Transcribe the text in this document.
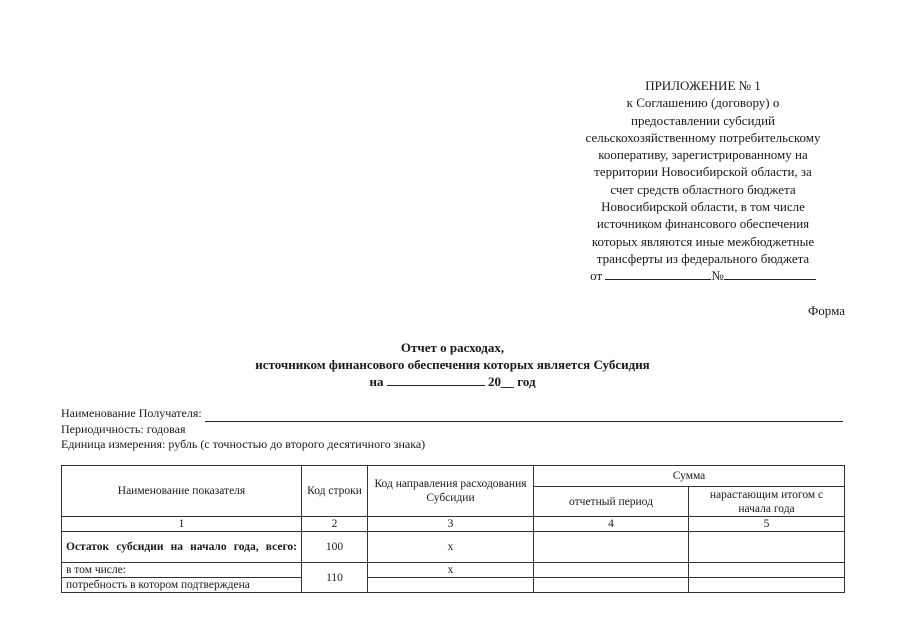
ПРИЛОЖЕНИЕ № 1
к Соглашению (договору) о
предоставлении субсидий
сельскохозяйственному потребительскому
кооперативу, зарегистрированному на
территории Новосибирской области, за
счет средств областного бюджета
Новосибирской области, в том числе
источником финансового обеспечения
которых являются иные межбюджетные
трансферты из федерального бюджета
от	№
Форма
Отчет о расходах,
источником финансового обеспечения которых является Субсидия
на	20__ год
Наименование Получателя:
Периодичность: годовая
Единица измерения: рубль (с точностью до второго десятичного знака)
Наименование показателя	Код строки	Код направления расходования Субсидии	Сумма	
			отчетный период	нарастающим итогом с начала года
1	2	3	4	5
Остаток субсидии на начало года, всего:	100	x		
в том числе:	110	x		
потребность в котором подтверждена				
